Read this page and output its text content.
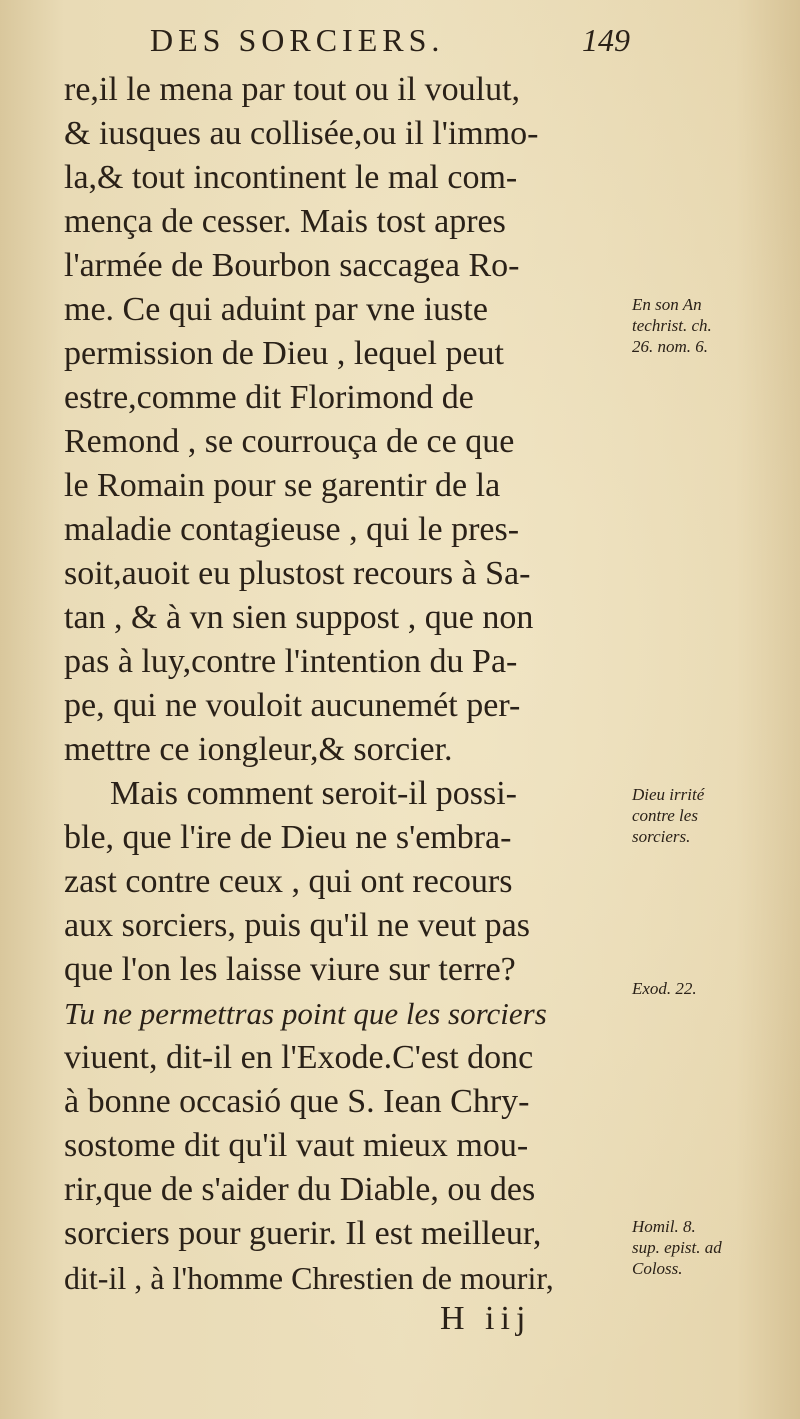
DES SORCIERS.	149
re,il le mena par tout ou il voulut,
& iusques au collisée,ou il l'immo-
la,& tout incontinent le mal com-
mença de cesser. Mais tost apres
l'armée de Bourbon saccagea Ro-
me. Ce qui aduint par vne iuste
permission de Dieu , lequel peut
estre,comme dit Florimond de
Remond , se courrouça de ce que
le Romain pour se garentir de la
maladie contagieuse , qui le pres-
soit,auoit eu plustost recours à Sa-
tan , & à vn sien suppost , que non
pas à luy,contre l'intention du Pa-
pe, qui ne vouloit aucunemét per-
mettre ce iongleur,& sorcier.
Mais comment seroit-il possi-
ble, que l'ire de Dieu ne s'embra-
zast contre ceux , qui ont recours
aux sorciers, puis qu'il ne veut pas
que l'on les laisse viure sur terre?
Tu ne permettras point que les sorciers
viuent, dit-il en l'Exode.C'est donc
à bonne occasió que S. Iean Chry-
sostome dit qu'il vaut mieux mou-
rir,que de s'aider du Diable, ou des
sorciers pour guerir. Il est meilleur,
dit-il , à l'homme Chrestien de mourir,
En son An
techrist. ch.
26. nom. 6.
Dieu irrité
contre les
sorciers.
Exod. 22.
Homil. 8.
sup. epist. ad
Coloss.
H iij
